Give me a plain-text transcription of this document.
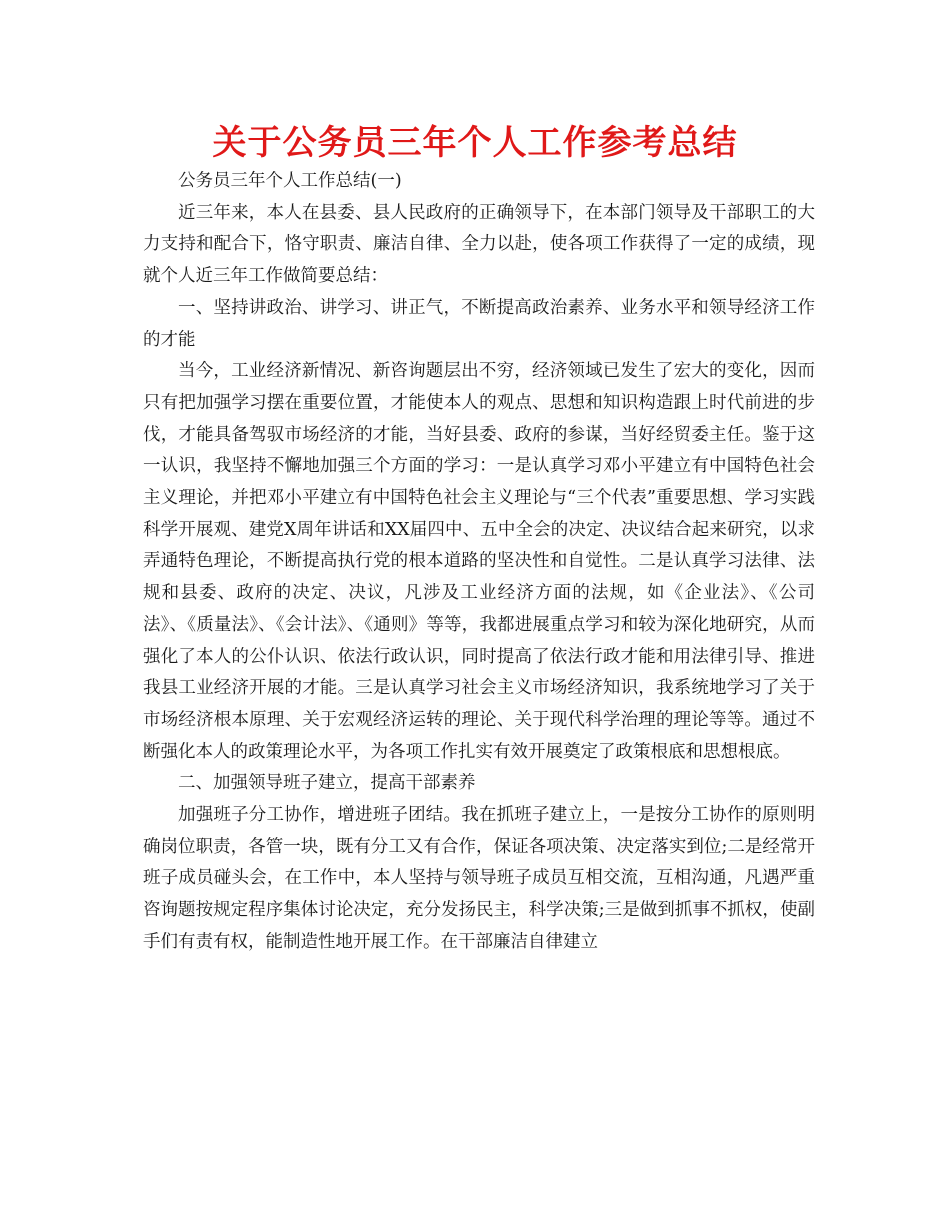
关于公务员三年个人工作参考总结

公务员三年个人工作总结(一)

近三年来，本人在县委、县人民政府的正确领导下，在本部门领导及干部职工的大力支持和配合下，恪守职责、廉洁自律、全力以赴，使各项工作获得了一定的成绩，现就个人近三年工作做简要总结：

一、坚持讲政治、讲学习、讲正气，不断提高政治素养、业务水平和领导经济工作的才能

当今，工业经济新情况、新咨询题层出不穷，经济领域已发生了宏大的变化，因而只有把加强学习摆在重要位置，才能使本人的观点、思想和知识构造跟上时代前进的步伐，才能具备驾驭市场经济的才能，当好县委、政府的参谋，当好经贸委主任。鉴于这一认识，我坚持不懈地加强三个方面的学习：一是认真学习邓小平建立有中国特色社会主义理论，并把邓小平建立有中国特色社会主义理论与“三个代表”重要思想、学习实践科学开展观、建党X周年讲话和XX届四中、五中全会的决定、决议结合起来研究，以求弄通特色理论，不断提高执行党的根本道路的坚决性和自觉性。二是认真学习法律、法规和县委、政府的决定、决议，凡涉及工业经济方面的法规，如《企业法》、《公司法》、《质量法》、《会计法》、《通则》等等，我都进展重点学习和较为深化地研究，从而强化了本人的公仆认识、依法行政认识，同时提高了依法行政才能和用法律引导、推进我县工业经济开展的才能。三是认真学习社会主义市场经济知识，我系统地学习了关于市场经济根本原理、关于宏观经济运转的理论、关于现代科学治理的理论等等。通过不断强化本人的政策理论水平，为各项工作扎实有效开展奠定了政策根底和思想根底。

二、加强领导班子建立，提高干部素养

加强班子分工协作，增进班子团结。我在抓班子建立上，一是按分工协作的原则明确岗位职责，各管一块，既有分工又有合作，保证各项决策、决定落实到位;二是经常开班子成员碰头会，在工作中，本人坚持与领导班子成员互相交流，互相沟通，凡遇严重咨询题按规定程序集体讨论决定，充分发扬民主，科学决策;三是做到抓事不抓权，使副手们有责有权，能制造性地开展工作。在干部廉洁自律建立
